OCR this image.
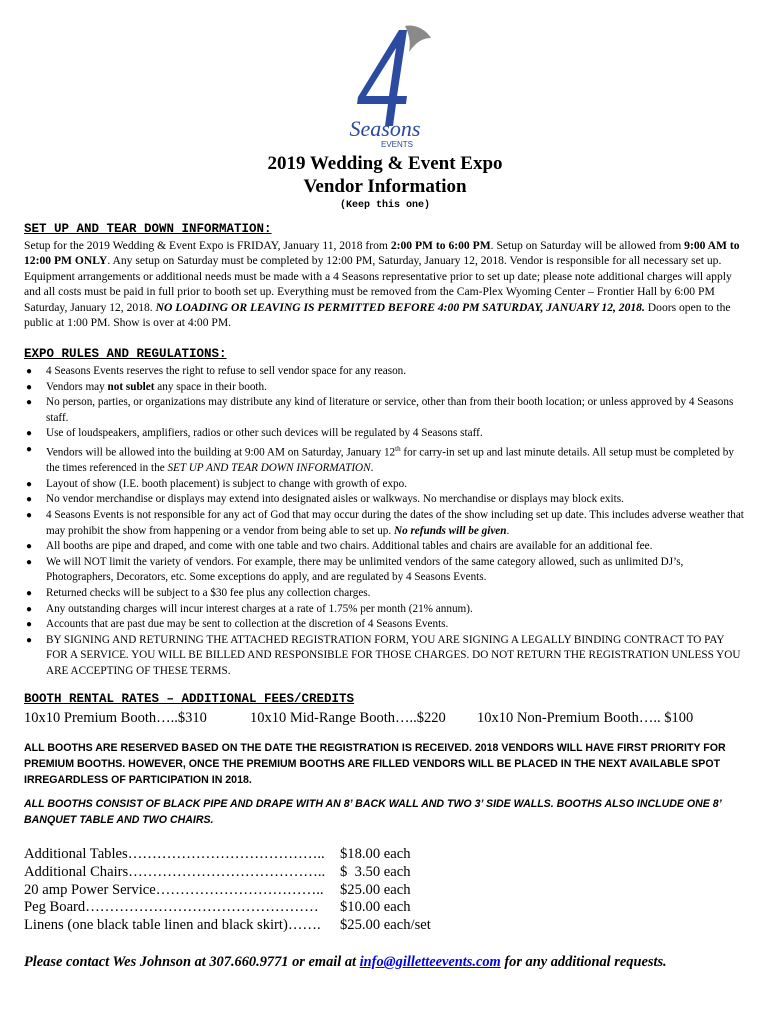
Seasons
EVENTS
2019 Wedding & Event Expo
Vendor Information
(Keep this one)
SET UP AND TEAR DOWN INFORMATION:
Setup for the 2019 Wedding & Event Expo is FRIDAY, January 11, 2018 from 2:00 PM to 6:00 PM. Setup on Saturday will be allowed from 9:00 AM to 12:00 PM ONLY. Any setup on Saturday must be completed by 12:00 PM, Saturday, January 12, 2018. Vendor is responsible for all necessary set up. Equipment arrangements or additional needs must be made with a 4 Seasons representative prior to set up date; please note additional charges will apply and all costs must be paid in full prior to booth set up. Everything must be removed from the Cam-Plex Wyoming Center – Frontier Hall by 6:00 PM Saturday, January 12, 2018. NO LOADING OR LEAVING IS PERMITTED BEFORE 4:00 PM SATURDAY, JANUARY 12, 2018. Doors open to the public at 1:00 PM. Show is over at 4:00 PM.
EXPO RULES AND REGULATIONS:
● 4 Seasons Events reserves the right to refuse to sell vendor space for any reason.
● Vendors may not sublet any space in their booth.
● No person, parties, or organizations may distribute any kind of literature or service, other than from their booth location; or unless approved by 4 Seasons staff.
● Use of loudspeakers, amplifiers, radios or other such devices will be regulated by 4 Seasons staff.
● Vendors will be allowed into the building at 9:00 AM on Saturday, January 12th for carry-in set up and last minute details. All setup must be completed by the times referenced in the SET UP AND TEAR DOWN INFORMATION.
● Layout of show (I.E. booth placement) is subject to change with growth of expo.
● No vendor merchandise or displays may extend into designated aisles or walkways. No merchandise or displays may block exits.
● 4 Seasons Events is not responsible for any act of God that may occur during the dates of the show including set up date. This includes adverse weather that may prohibit the show from happening or a vendor from being able to set up. No refunds will be given.
● All booths are pipe and draped, and come with one table and two chairs. Additional tables and chairs are available for an additional fee.
● We will NOT limit the variety of vendors. For example, there may be unlimited vendors of the same category allowed, such as unlimited DJ’s, Photographers, Decorators, etc. Some exceptions do apply, and are regulated by 4 Seasons Events.
● Returned checks will be subject to a $30 fee plus any collection charges.
● Any outstanding charges will incur interest charges at a rate of 1.75% per month (21% annum).
● Accounts that are past due may be sent to collection at the discretion of 4 Seasons Events.
● BY SIGNING AND RETURNING THE ATTACHED REGISTRATION FORM, YOU ARE SIGNING A LEGALLY BINDING CONTRACT TO PAY FOR A SERVICE. YOU WILL BE BILLED AND RESPONSIBLE FOR THOSE CHARGES. DO NOT RETURN THE REGISTRATION UNLESS YOU ARE ACCEPTING OF THESE TERMS.
BOOTH RENTAL RATES – ADDITIONAL FEES/CREDITS
10x10 Premium Booth…..$310	10x10 Mid-Range Booth…..$220 10x10 Non-Premium Booth….. $100
ALL BOOTHS ARE RESERVED BASED ON THE DATE THE REGISTRATION IS RECEIVED. 2018 VENDORS WILL HAVE FIRST PRIORITY FOR PREMIUM BOOTHS. HOWEVER, ONCE THE PREMIUM BOOTHS ARE FILLED VENDORS WILL BE PLACED IN THE NEXT AVAILABLE SPOT IRREGARDLESS OF PARTICIPATION IN 2018.
ALL BOOTHS CONSIST OF BLACK PIPE AND DRAPE WITH AN 8’ BACK WALL AND TWO 3’ SIDE WALLS. BOOTHS ALSO INCLUDE ONE 8’ BANQUET TABLE AND TWO CHAIRS.
Additional Tables………………………………….. $18.00 each
Additional Chairs………………………………….. $  3.50 each
20 amp Power Service…………………………….. $25.00 each
Peg Board………………………………………… $10.00 each
Linens (one black table linen and black skirt)……. $25.00 each/set
Please contact Wes Johnson at 307.660.9771 or email at info@gilletteevents.com for any additional requests.
